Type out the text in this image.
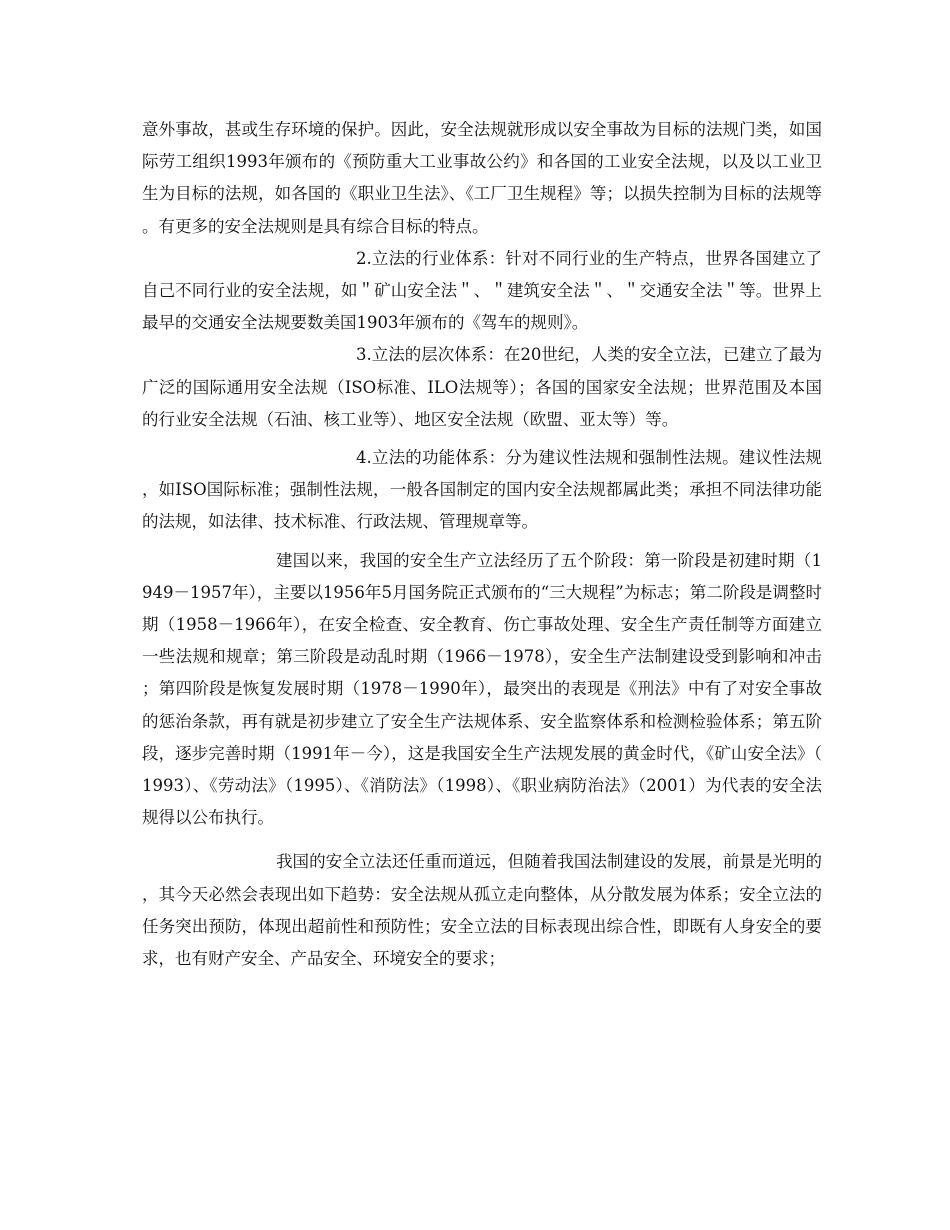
意外事故，甚或生存环境的保护。因此，安全法规就形成以安全事故为目标的法规门类，如国际劳工组织1993年颁布的《预防重大工业事故公约》和各国的工业安全法规，以及以工业卫生为目标的法规，如各国的《职业卫生法》、《工厂卫生规程》等；以损失控制为目标的法规等。有更多的安全法规则是具有综合目标的特点。

2.立法的行业体系：针对不同行业的生产特点，世界各国建立了自己不同行业的安全法规，如＂矿山安全法＂、＂建筑安全法＂、＂交通安全法＂等。世界上最早的交通安全法规要数美国1903年颁布的《驾车的规则》。

3.立法的层次体系：在20世纪，人类的安全立法，已建立了最为广泛的国际通用安全法规（ISO标准、ILO法规等）；各国的国家安全法规；世界范围及本国的行业安全法规（石油、核工业等）、地区安全法规（欧盟、亚太等）等。

4.立法的功能体系：分为建议性法规和强制性法规。建议性法规，如ISO国际标准；强制性法规，一般各国制定的国内安全法规都属此类；承担不同法律功能的法规，如法律、技术标准、行政法规、管理规章等。

建国以来，我国的安全生产立法经历了五个阶段：第一阶段是初建时期（1949－1957年），主要以1956年5月国务院正式颁布的“三大规程”为标志；第二阶段是调整时期（1958－1966年），在安全检查、安全教育、伤亡事故处理、安全生产责任制等方面建立一些法规和规章；第三阶段是动乱时期（1966－1978），安全生产法制建设受到影响和冲击；第四阶段是恢复发展时期（1978－1990年），最突出的表现是《刑法》中有了对安全事故的惩治条款，再有就是初步建立了安全生产法规体系、安全监察体系和检测检验体系；第五阶段，逐步完善时期（1991年－今），这是我国安全生产法规发展的黄金时代，《矿山安全法》（1993）、《劳动法》（1995）、《消防法》（1998）、《职业病防治法》（2001）为代表的安全法规得以公布执行。

我国的安全立法还任重而道远，但随着我国法制建设的发展，前景是光明的，其今天必然会表现出如下趋势：安全法规从孤立走向整体，从分散发展为体系；安全立法的任务突出预防，体现出超前性和预防性；安全立法的目标表现出综合性，即既有人身安全的要求，也有财产安全、产品安全、环境安全的要求；
